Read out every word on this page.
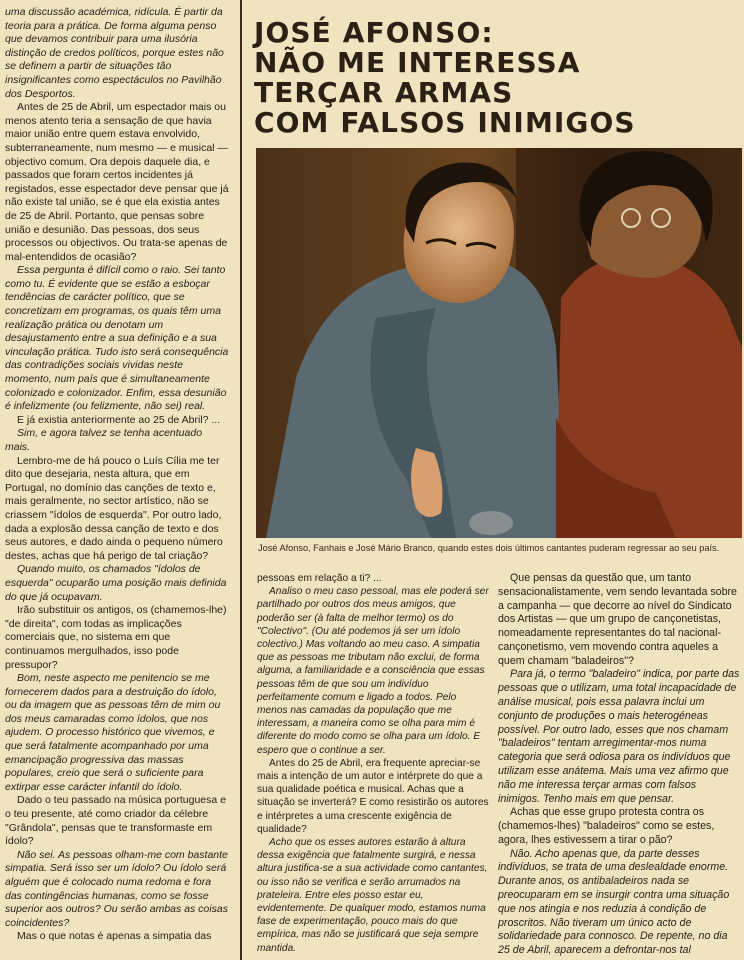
uma discussão académica, ridícula. É partir da teoria para a prática. De forma alguma penso que devamos contribuir para uma ilusória distinção de credos políticos, porque estes não se definem a partir de situações tão insignificantes como espectáculos no Pavilhão dos Desportos.

Antes de 25 de Abril, um espectador mais ou menos atento teria a sensação de que havia maior união entre quem estava envolvido, subterraneamente, num mesmo — e musical — objectivo comum. Ora depois daquele dia, e passados que foram certos incidentes já registados, esse espectador deve pensar que já não existe tal união, se é que ela existia antes de 25 de Abril. Portanto, que pensas sobre união e desunião. Das pessoas, dos seus processos ou objectivos. Ou trata-se apenas de mal-entendidos de ocasião?

Essa pergunta é difícil como o raio. Sei tanto como tu. É evidente que se estão a esboçar tendências de carácter político, que se concretizam em programas, os quais têm uma realização prática ou denotam um desajustamento entre a sua definição e a sua vinculação prática. Tudo isto será consequência das contradições sociais vividas neste momento, num país que é simultaneamente colonizado e colonizador. Enfim, essa desunião é infelizmente (ou felizmente, não sei) real.

E já existia anteriormente ao 25 de Abril? ...

Sim, e agora talvez se tenha acentuado mais.

Lembro-me de há pouco o Luís Cília me ter dito que desejaria, nesta altura, que em Portugal, no domínio das canções de texto e, mais geralmente, no sector artístico, não se criassem "ídolos de esquerda". Por outro lado, dada a explosão dessa canção de texto e dos seus autores, e dado ainda o pequeno número destes, achas que há perigo de tal criação?

Quando muito, os chamados "ídolos de esquerda" ocuparão uma posição mais definida do que já ocupavam.

Irão substituir os antigos, os (chamemos-lhe) "de direita", com todas as implicações comerciais que, no sistema em que continuamos mergulhados, isso pode pressupor?

Bom, neste aspecto me penitencio se me fornecerem dados para a destruição do ídolo, ou da imagem que as pessoas têm de mim ou dos meus camaradas como ídolos, que nos ajudem. O processo histórico que vivemos, e que será fatalmente acompanhado por uma emancipação progressiva das massas populares, creio que será o suficiente para extirpar esse carácter infantil do ídolo.

Dado o teu passado na música portuguesa e o teu presente, até como criador da célebre "Grândola", pensas que te transformaste em ídolo?

Não sei. As pessoas olham-me com bastante simpatia. Será isso ser um ídolo? Ou ídolo será alguém que é colocado numa redoma e fora das contingências humanas, como se fosse superior aos outros? Ou serão ambas as coisas coincidentes?

Mas o que notas é apenas a simpatia das

JOSÉ AFONSO:
NÃO ME INTERESSA
TERÇAR ARMAS
COM FALSOS INIMIGOS
José Afonso, Fanhais e José Mário Branco, quando estes dois últimos cantantes puderam regressar ao seu país.

pessoas em relação a ti? ...

Analiso o meu caso pessoal, mas ele poderá ser partilhado por outros dos meus amigos, que poderão ser (à falta de melhor termo) os do "Colectivo". (Ou até podemos já ser um ídolo colectivo.) Mas voltando ao meu caso. A simpatia que as pessoas me tributam não exclui, de forma alguma, a familiaridade e a consciência que essas pessoas têm de que sou um indivíduo perfeitamente comum e ligado a todos. Pelo menos nas camadas da população que me interessam, a maneira como se olha para mim é diferente do modo como se olha para um ídolo. E espero que o continue a ser.

Antes do 25 de Abril, era frequente apreciar-se mais a intenção de um autor e intérprete do que a sua qualidade poética e musical. Achas que a situação se inverterá? E como resistirão os autores e intérpretes a uma crescente exigência de qualidade?

Acho que os esses autores estarão à altura dessa exigência que fatalmente surgirá, e nessa altura justifica-se a sua actividade como cantantes, ou isso não se verifica e serão arrumados na prateleira. Entre eles posso estar eu, evidentemente. De qualquer modo, estamos numa fase de experimentação, pouco mais do que empírica, mas não se justificará que seja sempre mantida.

Que pensas da questão que, um tanto sensacionalistamente, vem sendo levantada sobre a campanha — que decorre ao nível do Sindicato dos Artistas — que um grupo de cançonetistas, nomeadamente representantes do tal nacional-cançonetismo, vem movendo contra aqueles a quem chamam "baladeiros"?

Para já, o termo "baladeiro" indica, por parte das pessoas que o utilizam, uma total incapacidade de análise musical, pois essa palavra inclui um conjunto de produções o mais heterogéneas possível. Por outro lado, esses que nos chamam "baladeiros" tentam arregimentar-mos numa categoria que será odiosa para os indivíduos que utilizam esse anátema. Mais uma vez afirmo que não me interessa terçar armas com falsos inimigos. Tenho mais em que pensar.

Achas que esse grupo protesta contra os (chamemos-lhes) "baladeiros" como se estes, agora, lhes estivessem a tirar o pão?

Não. Acho apenas que, da parte desses indivíduos, se trata de uma deslealdade enorme. Durante anos, os antibaladeiros nada se preocuparam em se insurgir contra uma situação que nos atingia e nos reduzia à condição de proscritos. Não tiveram um único acto de solidariedade para connosco. De repente, no dia 25 de Abril, aparecem a defrontar-nos tal
